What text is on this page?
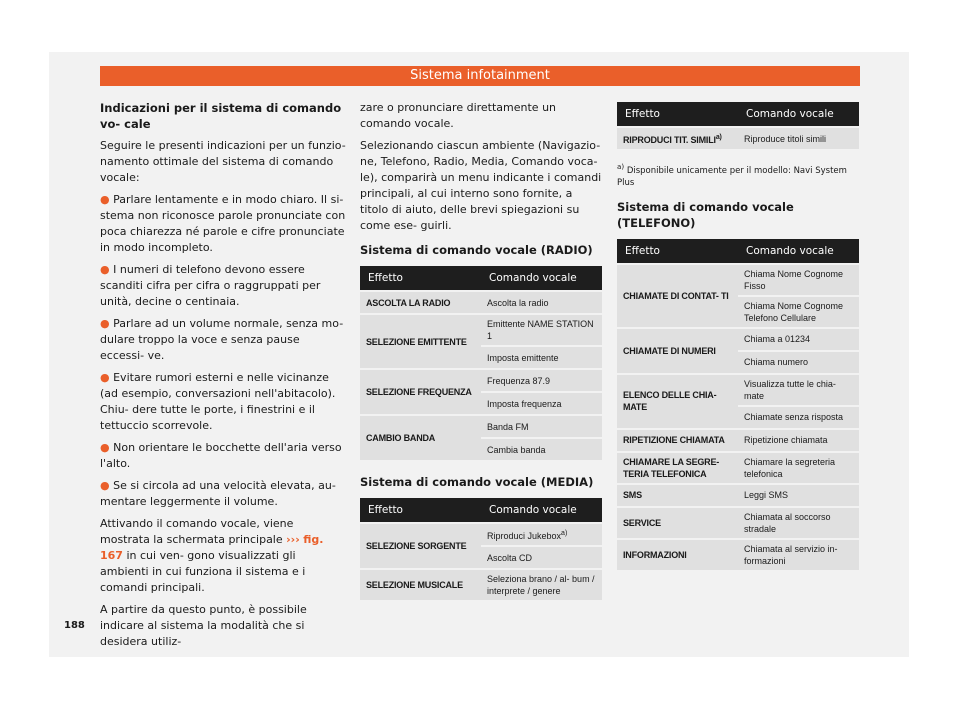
Sistema infotainment
Indicazioni per il sistema di comando vo- cale

Seguire le presenti indicazioni per un funzio- namento ottimale del sistema di comando vocale:

● Parlare lentamente e in modo chiaro. Il si- stema non riconosce parole pronunciate con poca chiarezza né parole e cifre pronunciate in modo incompleto.

● I numeri di telefono devono essere scanditi cifra per cifra o raggruppati per unità, decine o centinaia.

● Parlare ad un volume normale, senza mo- dulare troppo la voce e senza pause eccessi- ve.

● Evitare rumori esterni e nelle vicinanze (ad esempio, conversazioni nell'abitacolo). Chiu- dere tutte le porte, i finestrini e il tettuccio scorrevole.

● Non orientare le bocchette dell'aria verso l'alto.

● Se si circola ad una velocità elevata, au- mentare leggermente il volume.

Attivando il comando vocale, viene mostrata la schermata principale ››› fig. 167 in cui ven- gono visualizzati gli ambienti in cui funziona il sistema e i comandi principali.

A partire da questo punto, è possibile indicare al sistema la modalità che si desidera utiliz-

zare o pronunciare direttamente un comando vocale.

Selezionando ciascun ambiente (Navigazio- ne, Telefono, Radio, Media, Comando voca- le), comparirà un menu indicante i comandi principali, al cui interno sono fornite, a titolo di aiuto, delle brevi spiegazioni su come ese- guirli.

Sistema di comando vocale (RADIO)
Effetto	Comando vocale
ASCOLTA LA RADIO	Ascolta la radio
SELEZIONE EMITTENTE	Emittente NAME STATION 1
	Imposta emittente
SELEZIONE FREQUENZA	Frequenza 87.9
	Imposta frequenza
CAMBIO BANDA	Banda FM
	Cambia banda
Sistema di comando vocale (MEDIA)
Effetto	Comando vocale
SELEZIONE SORGENTE	Riproduci Jukebox$^{a)}$
	Ascolta CD
SELEZIONE MUSICALE	Seleziona brano / al- bum / interprete / genere
Effetto	Comando vocale
RIPRODUCI TIT. SIMILI$^{a)}$	Riproduce titoli simili
$^{a)}$ Disponibile unicamente per il modello: Navi System Plus
Sistema di comando vocale (TELEFONO)
Effetto	Comando vocale
CHIAMATE DI CONTAT- TI	Chiama Nome Cognome Fisso
	Chiama Nome Cognome Telefono Cellulare
CHIAMATE DI NUMERI	Chiama a 01234
	Chiama numero
ELENCO DELLE CHIA- MATE	Visualizza tutte le chia- mate
	Chiamate senza risposta
RIPETIZIONE CHIAMATA	Ripetizione chiamata
CHIAMARE LA SEGRE- TERIA TELEFONICA	Chiamare la segreteria telefonica
SMS	Leggi SMS
SERVICE	Chiamata al soccorso stradale
INFORMAZIONI	Chiamata al servizio in- formazioni
188
